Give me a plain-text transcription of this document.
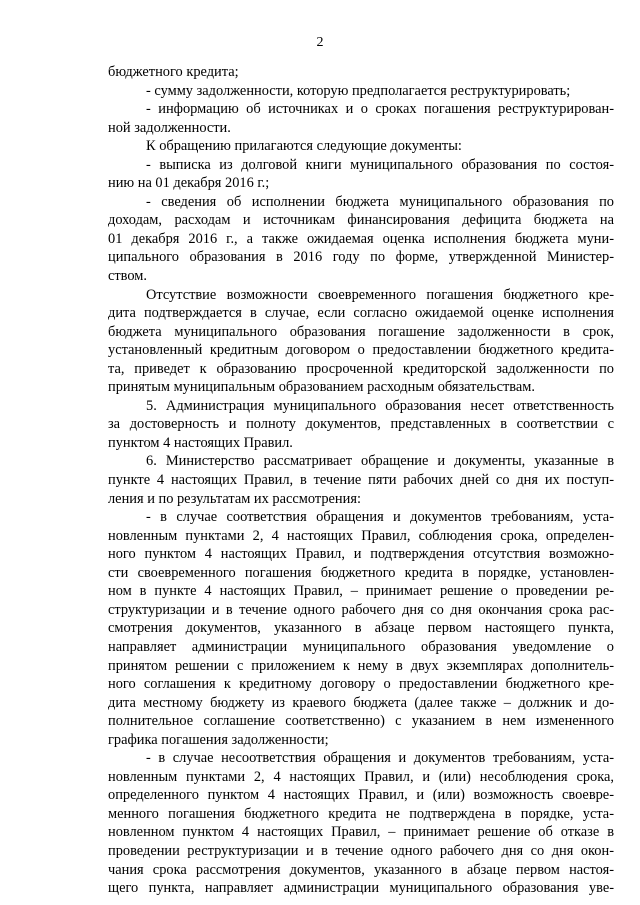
2
бюджетного кредита;
- сумму задолженности, которую предполагается реструктурировать;
- информацию об источниках и о сроках погашения реструктурирован-
ной задолженности.
К обращению прилагаются следующие документы:
- выписка из долговой книги муниципального образования по состоя-
нию на 01 декабря 2016 г.;
- сведения об исполнении бюджета муниципального образования по
доходам, расходам и источникам финансирования дефицита бюджета на
01 декабря 2016 г., а также ожидаемая оценка исполнения бюджета муни-
ципального образования в 2016 году по форме, утвержденной Министер-
ством.
Отсутствие возможности своевременного погашения бюджетного кре-
дита подтверждается в случае, если согласно ожидаемой оценке исполнения
бюджета муниципального образования погашение задолженности в срок,
установленный кредитным договором о предоставлении бюджетного кредита-
та, приведет к образованию просроченной кредиторской задолженности по
принятым муниципальным образованием расходным обязательствам.
5. Администрация муниципального образования несет ответственность
за достоверность и полноту документов, представленных в соответствии с
пунктом 4 настоящих Правил.
6. Министерство рассматривает обращение и документы, указанные в
пункте 4 настоящих Правил, в течение пяти рабочих дней со дня их поступ-
ления и по результатам их рассмотрения:
- в случае соответствия обращения и документов требованиям, уста-
новленным пунктами 2, 4 настоящих Правил, соблюдения срока, определен-
ного пунктом 4 настоящих Правил, и подтверждения отсутствия возможно-
сти своевременного погашения бюджетного кредита в порядке, установлен-
ном в пункте 4 настоящих Правил, – принимает решение о проведении ре-
структуризации и в течение одного рабочего дня со дня окончания срока рас-
смотрения документов, указанного в абзаце первом настоящего пункта,
направляет администрации муниципального образования уведомление о
принятом решении с приложением к нему в двух экземплярах дополнитель-
ного соглашения к кредитному договору о предоставлении бюджетного кре-
дита местному бюджету из краевого бюджета (далее также – должник и до-
полнительное соглашение соответственно) с указанием в нем измененного
графика погашения задолженности;
- в случае несоответствия обращения и документов требованиям, уста-
новленным пунктами 2, 4 настоящих Правил, и (или) несоблюдения срока,
определенного пунктом 4 настоящих Правил, и (или) возможность своевре-
менного погашения бюджетного кредита не подтверждена в порядке, уста-
новленном пунктом 4 настоящих Правил, – принимает решение об отказе в
проведении реструктуризации и в течение одного рабочего дня со дня окон-
чания срока рассмотрения документов, указанного в абзаце первом настоя-
щего пункта, направляет администрации муниципального образования уве-
